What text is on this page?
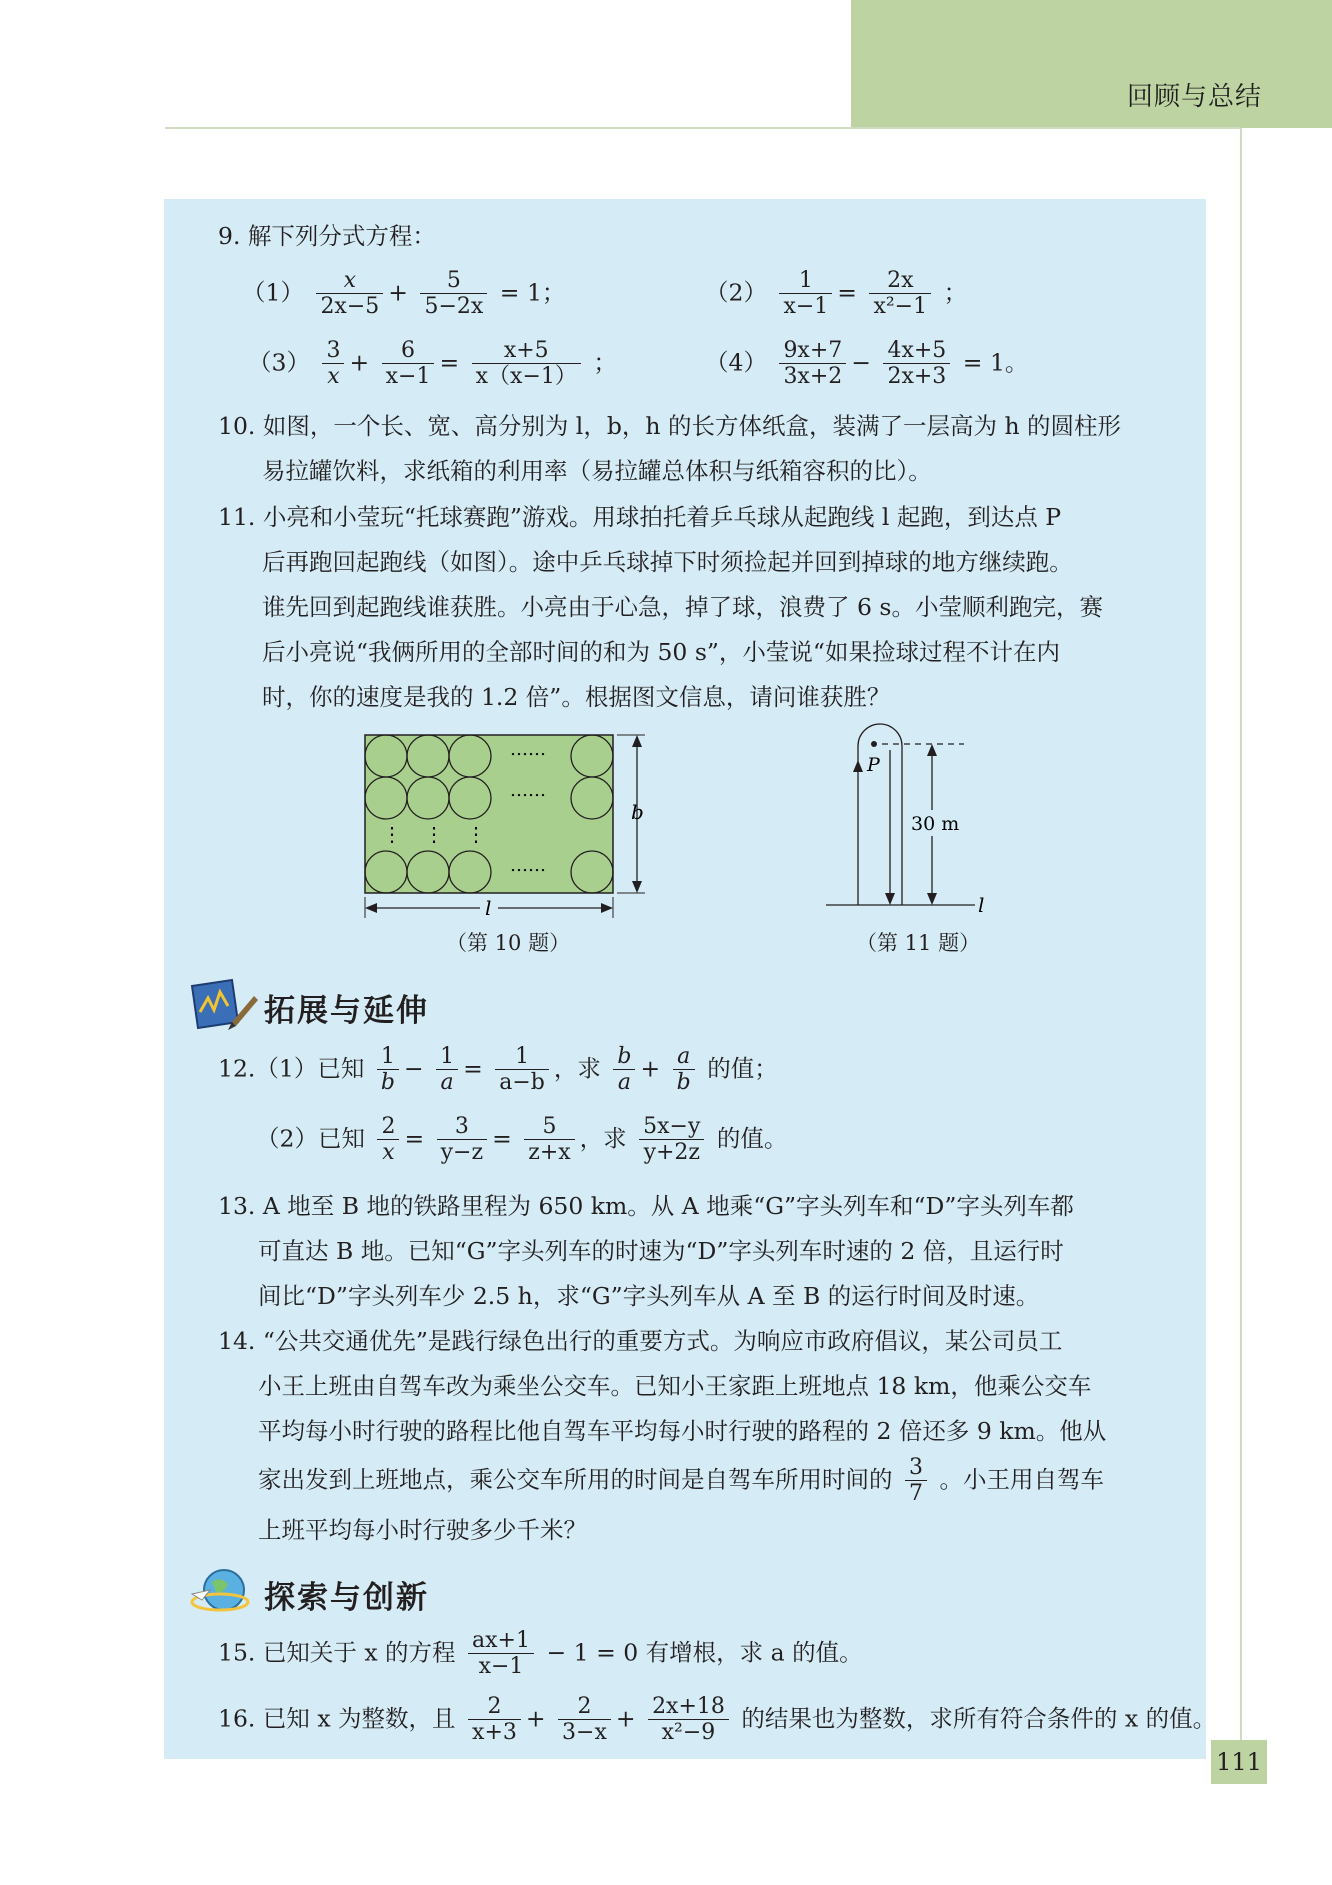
回顾与总结
9. 解下列分式方程：
$(1) \frac{x}{2x-5} + \frac{5}{5-2x} = 1$；	$(2) \frac{1}{x-1} = \frac{2x}{\text{x²−1}}$ ；
$(3) \frac{3}{x} + \frac{6}{x-1} = \frac{x+5}{x(x-1)}$ ；	$(4) \frac{9x+7}{3x+2} - \frac{4x+5}{2x+3} = 1$。
10. 如图，一个长、宽、高分别为 l，b，h 的长方体纸盒，装满了一层高为 h 的圆柱形
易拉罐饮料，求纸箱的利用率（易拉罐总体积与纸箱容积的比）。
11. 小亮和小莹玩“托球赛跑”游戏。用球拍托着乒乓球从起跑线 l 起跑，到达点 P
后再跑回起跑线（如图）。途中乒乓球掉下时须捡起并回到掉球的地方继续跑。
谁先回到起跑线谁获胜。小亮由于心急，掉了球，浪费了 6 s。小莹顺利跑完，赛
后小亮说“我俩所用的全部时间的和为 50 s”，小莹说“如果捡球过程不计在内
时，你的速度是我的 1.2 倍”。根据图文信息，请问谁获胜？
……
……
……
⋮ ⋮ ⋮
b
l
（第 10 题）
P
30 m
l
（第 11 题）
拓展与延伸
12.（1）已知 $\frac{1}{b} - \frac{1}{a} = \frac{1}{a-b}$ ，求 $\frac{b}{a} + \frac{a}{b}$ 的值；
（2）已知 $\frac{2}{x} = \frac{3}{y-z} = \frac{5}{z+x}$ ，求 $\frac{5x-y}{y+2z}$ 的值。
13. A 地至 B 地的铁路里程为 650 km。从 A 地乘“G”字头列车和“D”字头列车都
可直达 B 地。已知“G”字头列车的时速为“D”字头列车时速的 2 倍，且运行时
间比“D”字头列车少 2.5 h，求“G”字头列车从 A 至 B 的运行时间及时速。
14. “公共交通优先”是践行绿色出行的重要方式。为响应市政府倡议，某公司员工
小王上班由自驾车改为乘坐公交车。已知小王家距上班地点 18 km，他乘公交车
平均每小时行驶的路程比他自驾车平均每小时行驶的路程的 2 倍还多 9 km。他从
家出发到上班地点，乘公交车所用的时间是自驾车所用时间的 $\frac{3}{7}$ 。小王用自驾车
上班平均每小时行驶多少千米？
探索与创新
15. 已知关于 x 的方程 $\frac{ax+1}{x-1} - 1 = 0$ 有增根，求 a 的值。
16. 已知 x 为整数，且 $\frac{2}{x+3} + \frac{2}{3-x} + \frac{2x+18}{\text{x²−9}}$ 的结果也为整数，求所有符合条件的 x 的值。
111
